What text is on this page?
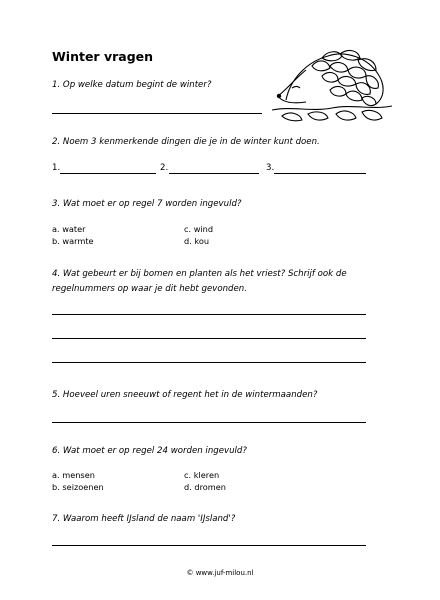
Winter vragen
1. Op welke datum begint de winter?
2. Noem 3 kenmerkende dingen die je in de winter kunt doen.
1.	2.	3.
3. Wat moet er op regel 7 worden ingevuld?
a. water	c. wind
b. warmte	d. kou
4. Wat gebeurt er bij bomen en planten als het vriest? Schrijf ook de regelnummers op waar je dit hebt gevonden.
5. Hoeveel uren sneeuwt of regent het in de wintermaanden?
6. Wat moet er op regel 24 worden ingevuld?
a. mensen	c. kleren
b. seizoenen	d. dromen
7. Waarom heeft IJsland de naam 'IJsland'?
© www.juf-milou.nl
